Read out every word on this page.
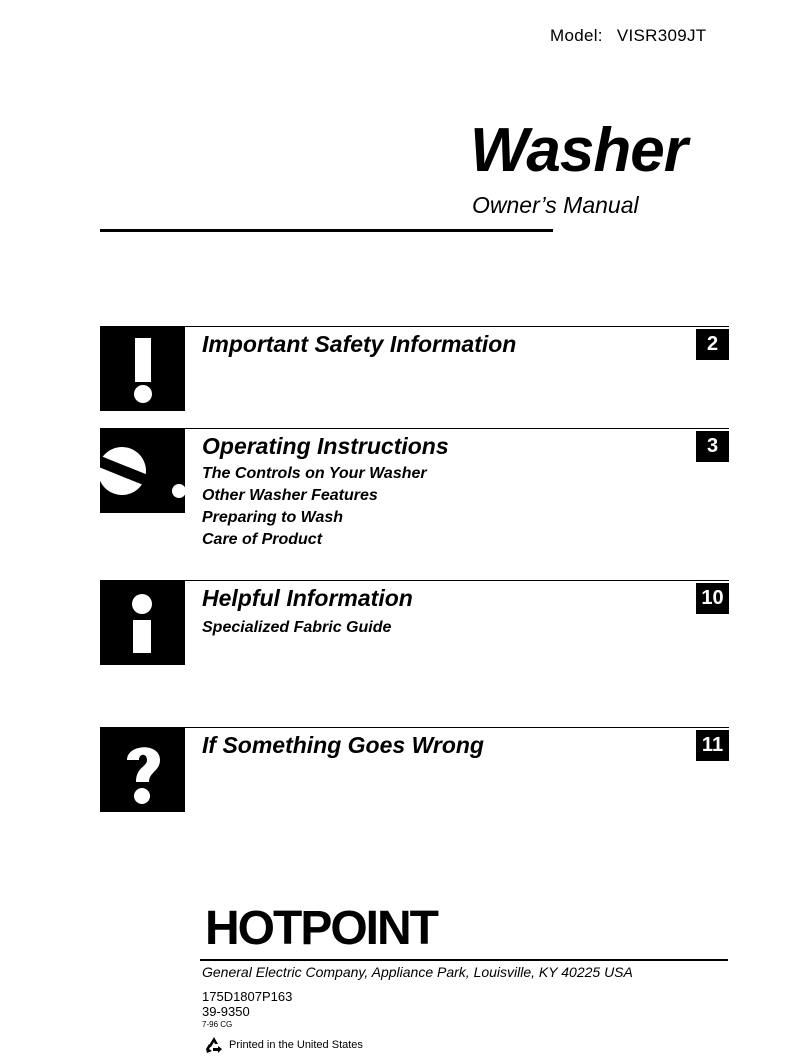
Model: VISR309JT
Washer
Owner’s Manual
Important Safety Information	2
Operating Instructions	3
The Controls on Your Washer
Other Washer Features
Preparing to Wash
Care of Product
Helpful Information	10
Specialized Fabric Guide
If Something Goes Wrong	11
HOTPOINT
General Electric Company, Appliance Park, Louisville, KY 40225 USA
175D1807P163
39-9350
7-96 CG
Printed in the United States
